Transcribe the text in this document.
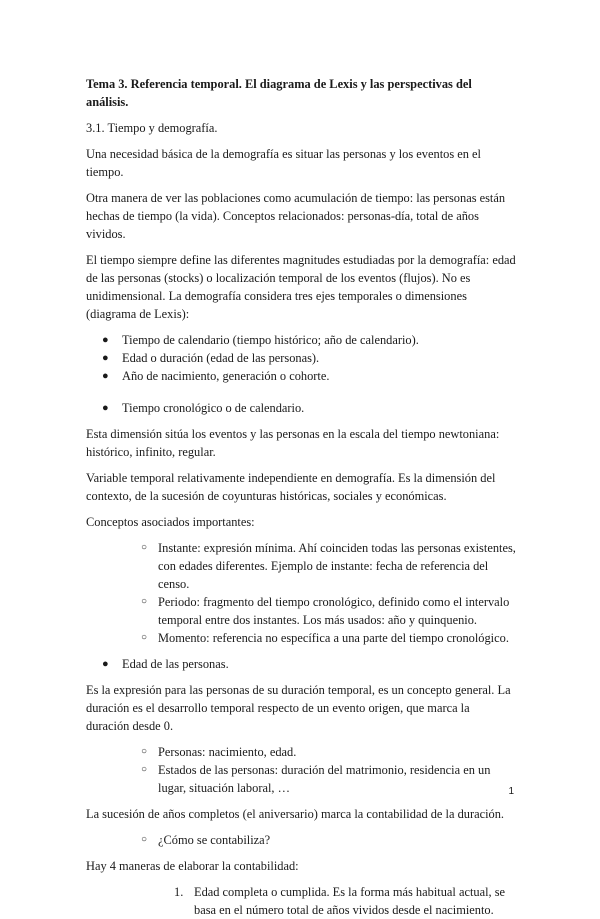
Tema 3. Referencia temporal. El diagrama de Lexis y las perspectivas del análisis.

3.1. Tiempo y demografía.

Una necesidad básica de la demografía es situar las personas y los eventos en el tiempo.

Otra manera de ver las poblaciones como acumulación de tiempo: las personas están hechas de tiempo (la vida). Conceptos relacionados: personas-día, total de años vividos.

El tiempo siempre define las diferentes magnitudes estudiadas por la demografía: edad de las personas (stocks) o localización temporal de los eventos (flujos). No es unidimensional. La demografía considera tres ejes temporales o dimensiones (diagrama de Lexis):

● Tiempo de calendario (tiempo histórico; año de calendario).
● Edad o duración (edad de las personas).
● Año de nacimiento, generación o cohorte.
● Tiempo cronológico o de calendario.

Esta dimensión sitúa los eventos y las personas en la escala del tiempo newtoniana: histórico, infinito, regular.

Variable temporal relativamente independiente en demografía. Es la dimensión del contexto, de la sucesión de coyunturas históricas, sociales y económicas.

Conceptos asociados importantes:

○ Instante: expresión mínima. Ahí coinciden todas las personas existentes, con edades diferentes. Ejemplo de instante: fecha de referencia del censo.
○ Periodo: fragmento del tiempo cronológico, definido como el intervalo temporal entre dos instantes. Los más usados: año y quinquenio.
○ Momento: referencia no específica a una parte del tiempo cronológico.
● Edad de las personas.

Es la expresión para las personas de su duración temporal, es un concepto general. La duración es el desarrollo temporal respecto de un evento origen, que marca la duración desde 0.

○ Personas: nacimiento, edad.
○ Estados de las personas: duración del matrimonio, residencia en un lugar, situación laboral, …

La sucesión de años completos (el aniversario) marca la contabilidad de la duración.

○ ¿Cómo se contabiliza?

Hay 4 maneras de elaborar la contabilidad:

1. Edad completa o cumplida. Es la forma más habitual actual, se basa en el número total de años vividos desde el nacimiento.
1
